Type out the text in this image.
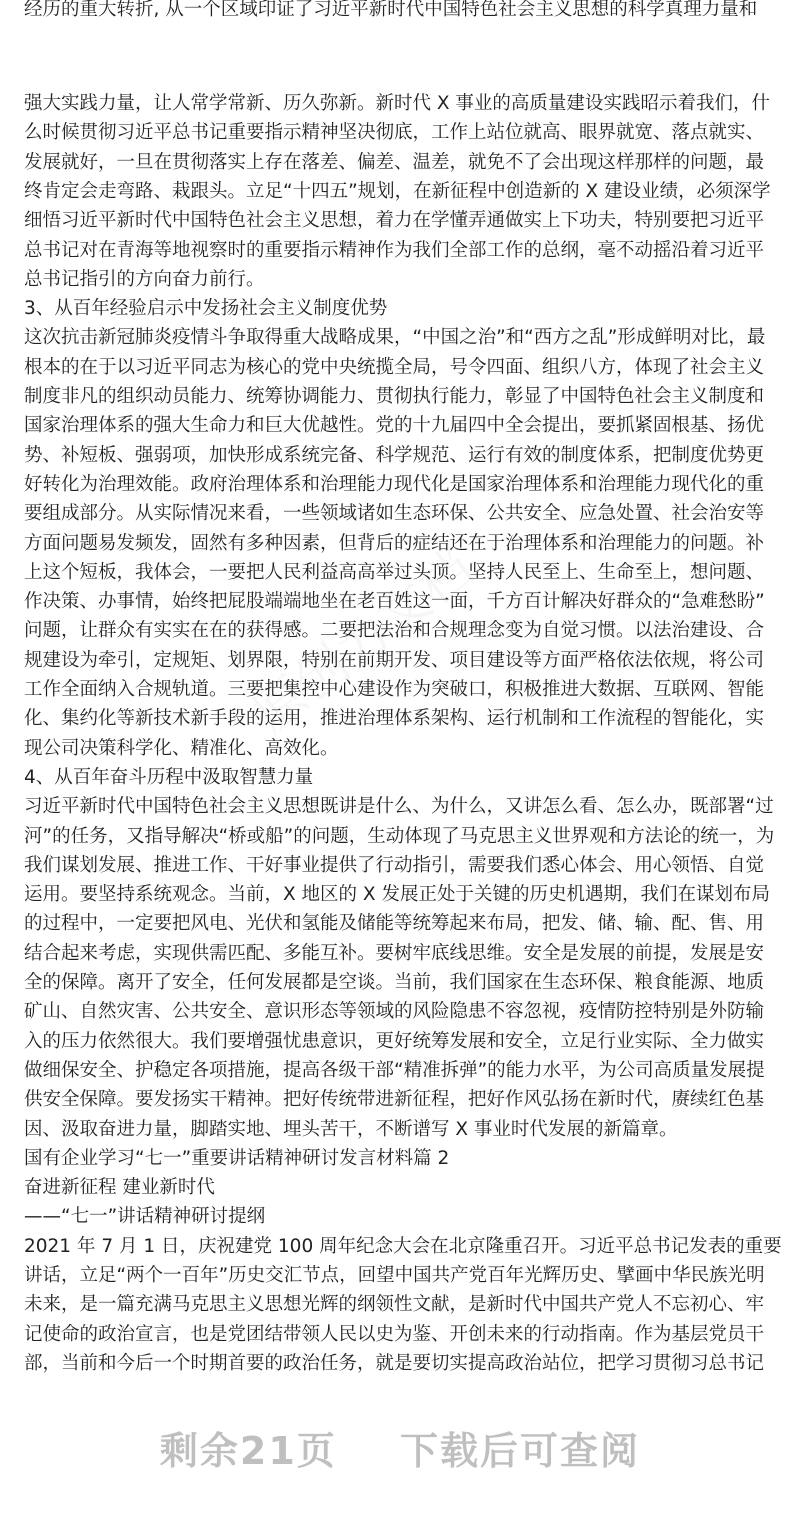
经历的重大转折, 从一个区域印证了习近平新时代中国特色社会主义思想的科学真理力量和
强大实践力量，让人常学常新、历久弥新。新时代 X 事业的高质量建设实践昭示着我们，什
么时候贯彻习近平总书记重要指示精神坚决彻底，工作上站位就高、眼界就宽、落点就实、
发展就好，一旦在贯彻落实上存在落差、偏差、温差，就免不了会出现这样那样的问题，最
终肯定会走弯路、栽跟头。立足“十四五”规划，在新征程中创造新的 X 建设业绩，必须深学
细悟习近平新时代中国特色社会主义思想，着力在学懂弄通做实上下功夫，特别要把习近平
总书记对在青海等地视察时的重要指示精神作为我们全部工作的总纲，毫不动摇沿着习近平
总书记指引的方向奋力前行。
3、从百年经验启示中发扬社会主义制度优势
这次抗击新冠肺炎疫情斗争取得重大战略成果，“中国之治”和“西方之乱”形成鲜明对比，最
根本的在于以习近平同志为核心的党中央统揽全局，号令四面、组织八方，体现了社会主义
制度非凡的组织动员能力、统筹协调能力、贯彻执行能力，彰显了中国特色社会主义制度和
国家治理体系的强大生命力和巨大优越性。党的十九届四中全会提出，要抓紧固根基、扬优
势、补短板、强弱项，加快形成系统完备、科学规范、运行有效的制度体系，把制度优势更
好转化为治理效能。政府治理体系和治理能力现代化是国家治理体系和治理能力现代化的重
要组成部分。从实际情况来看，一些领域诸如生态环保、公共安全、应急处置、社会治安等
方面问题易发频发，固然有多种因素，但背后的症结还在于治理体系和治理能力的问题。补
上这个短板，我体会，一要把人民利益高高举过头顶。坚持人民至上、生命至上，想问题、
作决策、办事情，始终把屁股端端地坐在老百姓这一面，千方百计解决好群众的“急难愁盼”
问题，让群众有实实在在的获得感。二要把法治和合规理念变为自觉习惯。以法治建设、合
规建设为牵引，定规矩、划界限，特别在前期开发、项目建设等方面严格依法依规，将公司
工作全面纳入合规轨道。三要把集控中心建设作为突破口，积极推进大数据、互联网、智能
化、集约化等新技术新手段的运用，推进治理体系架构、运行机制和工作流程的智能化，实
现公司决策科学化、精准化、高效化。
4、从百年奋斗历程中汲取智慧力量
习近平新时代中国特色社会主义思想既讲是什么、为什么，又讲怎么看、怎么办，既部署“过
河”的任务，又指导解决“桥或船”的问题，生动体现了马克思主义世界观和方法论的统一，为
我们谋划发展、推进工作、干好事业提供了行动指引，需要我们悉心体会、用心领悟、自觉
运用。要坚持系统观念。当前，X 地区的 X 发展正处于关键的历史机遇期，我们在谋划布局
的过程中，一定要把风电、光伏和氢能及储能等统筹起来布局，把发、储、输、配、售、用
结合起来考虑，实现供需匹配、多能互补。要树牢底线思维。安全是发展的前提，发展是安
全的保障。离开了安全，任何发展都是空谈。当前，我们国家在生态环保、粮食能源、地质
矿山、自然灾害、公共安全、意识形态等领域的风险隐患不容忽视，疫情防控特别是外防输
入的压力依然很大。我们要增强忧患意识，更好统筹发展和安全，立足行业实际、全力做实
做细保安全、护稳定各项措施，提高各级干部“精准拆弹”的能力水平，为公司高质量发展提
供安全保障。要发扬实干精神。把好传统带进新征程，把好作风弘扬在新时代，赓续红色基
因、汲取奋进力量，脚踏实地、埋头苦干，不断谱写 X 事业时代发展的新篇章。
国有企业学习“七一”重要讲话精神研讨发言材料篇 2
奋进新征程 建业新时代
——“七一”讲话精神研讨提纲
2021 年 7 月 1 日，庆祝建党 100 周年纪念大会在北京隆重召开。习近平总书记发表的重要
讲话，立足“两个一百年”历史交汇节点，回望中国共产党百年光辉历史、擘画中华民族光明
未来，是一篇充满马克思主义思想光辉的纲领性文献，是新时代中国共产党人不忘初心、牢
记使命的政治宣言，也是党团结带领人民以史为鉴、开创未来的行动指南。作为基层党员干
部，当前和今后一个时期首要的政治任务，就是要切实提高政治站位，把学习贯彻习总书记
剩余21页 下载后可查阅
